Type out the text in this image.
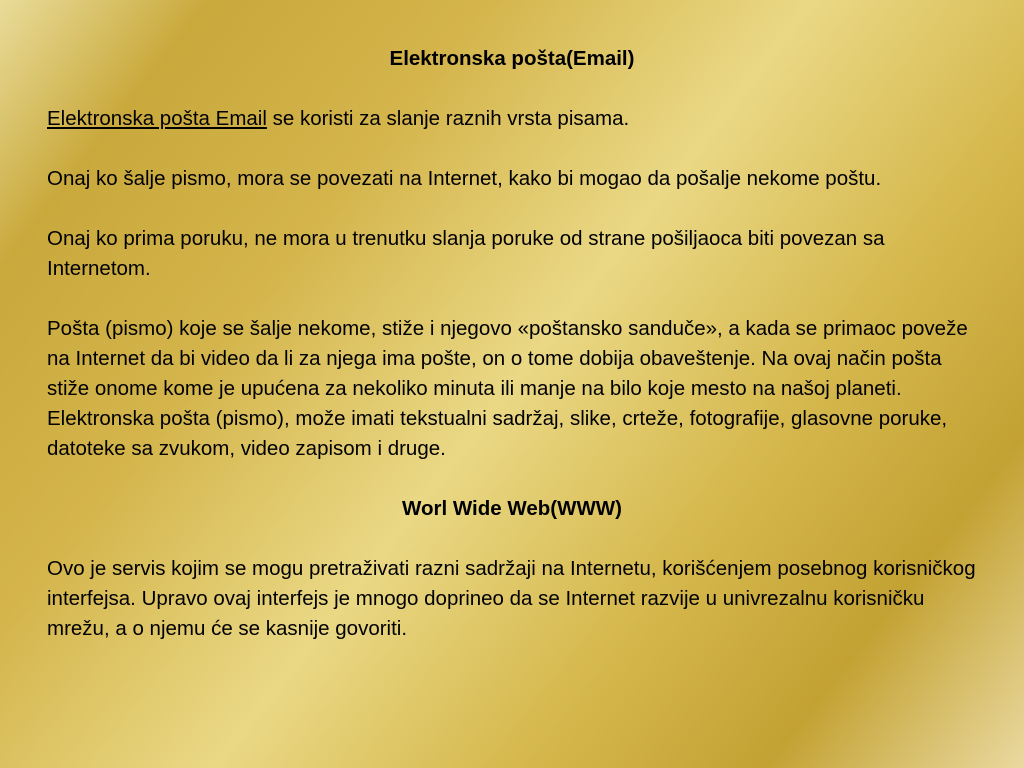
Elektronska pošta(Email)

Elektronska pošta Email se koristi za slanje raznih vrsta pisama.

Onaj ko šalje pismo, mora se povezati na Internet, kako bi mogao da pošalje nekome poštu.

Onaj ko prima poruku, ne mora u trenutku slanja poruke od strane pošiljaoca biti povezan sa Internetom.

Pošta (pismo) koje se šalje nekome, stiže i njegovo «poštansko sanduče», a kada se primaoc poveže na Internet da bi video da li za njega ima pošte, on o tome dobija obaveštenje. Na ovaj način pošta stiže onome kome je upućena za nekoliko minuta ili manje na bilo koje mesto na našoj planeti. Elektronska pošta (pismo), može imati tekstualni sadržaj, slike, crteže, fotografije, glasovne poruke, datoteke sa zvukom, video zapisom i druge.

Worl Wide Web(WWW)

Ovo je servis kojim se mogu pretraživati razni sadržaji na Internetu, korišćenjem posebnog korisničkog interfejsa. Upravo ovaj interfejs je mnogo doprineo da se Internet razvije u univrezalnu korisničku mrežu, a o njemu će se kasnije govoriti.
